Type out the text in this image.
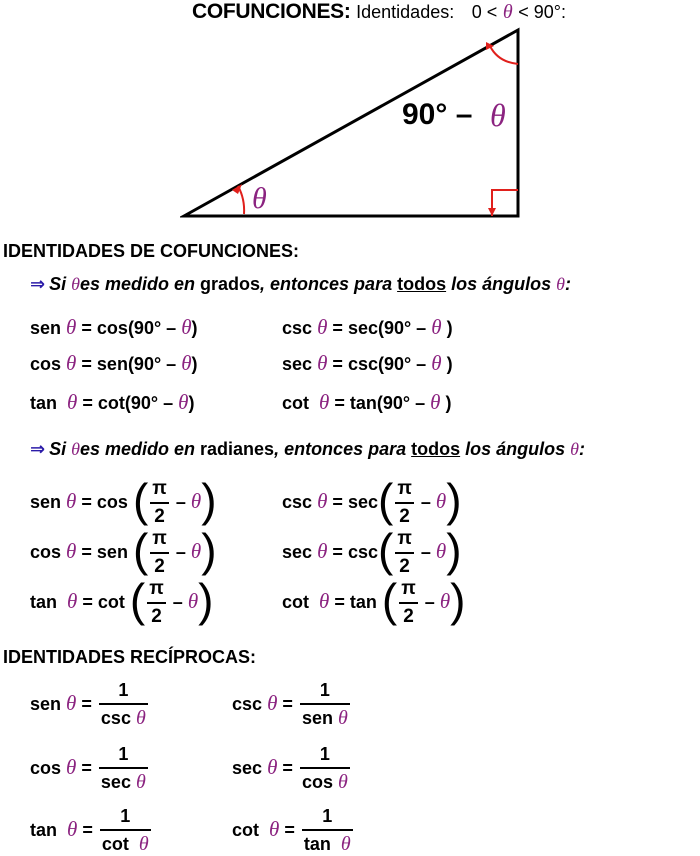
COFUNCIONES: Identidades: 0 < θ < 90°:
θ
90° – θ
IDENTIDADES DE COFUNCIONES:
⇒ Si θes medido en grados, entonces para todos los ángulos θ:
sen θ = cos(90° – θ)	csc θ = sec(90° – θ )
cos θ = sen(90° – θ)	sec θ = csc(90° – θ )
tan θ = cot(90° – θ)	cot θ = tan(90° – θ )
⇒ Si θes medido en radianes, entonces para todos los ángulos θ:
sen θ = cos ( $\frac{\pi}{2} - \theta$)	$\csc \theta = \sec( \frac{\pi}{2} - \theta)$
cos θ = sen ( $\frac{\pi}{2} - \theta$)	$\sec \theta = \csc( \frac{\pi}{2} - \theta)$
tan θ = cot ( $\frac{\pi}{2} - \theta$)	cot θ = tan ( $\frac{\pi}{2} - \theta$)
IDENTIDADES RECÍPROCAS:
sen $\theta = \frac{1}{\text{csc θ}}$	$\csc \theta = \frac{1}{\text{sen θ}}$
$\cos \theta = \frac{1}{\text{sec θ}}$	$\sec \theta = \frac{1}{\text{cos θ}}$
$\tan \theta = \frac{1}{\text{cot θ}}$	$\cot \theta = \frac{1}{\text{tan θ}}$
